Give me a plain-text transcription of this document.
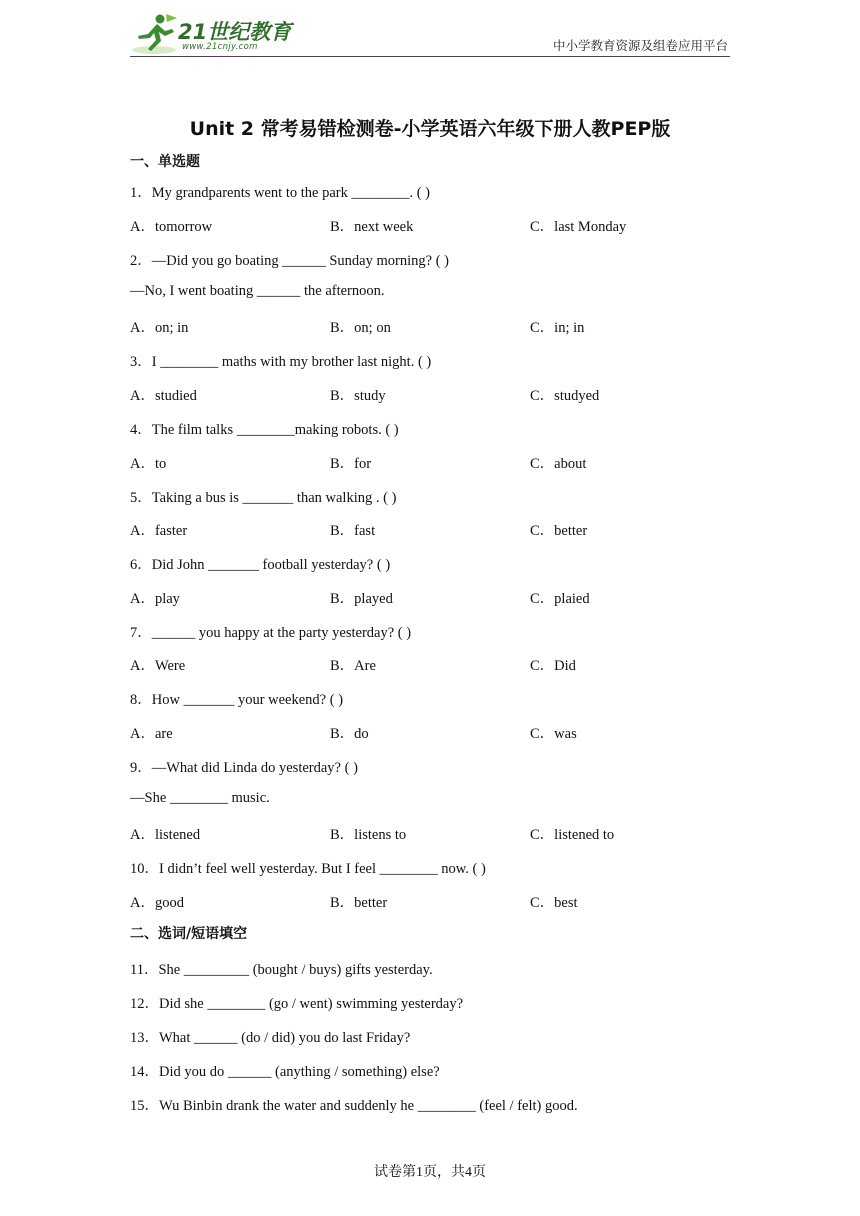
21世纪教育
www.21cnjy.com	中小学教育资源及组卷应用平台
Unit 2 常考易错检测卷-小学英语六年级下册人教PEP版
一、单选题
1．My grandparents went to the park ________. ( )
A．tomorrow	B．next week	C．last Monday
2．—Did you go boating ______ Sunday morning? ( )
—No, I went boating ______ the afternoon.
A．on; in	B．on; on	C．in; in
3．I ________ maths with my brother last night. ( )
A．studied	B．study	C．studyed
4．The film talks ________making robots. ( )
A．to	B．for	C．about
5．Taking a bus is _______ than walking . ( )
A．faster	B．fast	C．better
6．Did John _______ football yesterday? ( )
A．play	B．played	C．plaied
7．______ you happy at the party yesterday? ( )
A．Were	B．Are	C．Did
8．How _______ your weekend? ( )
A．are	B．do	C．was
9．—What did Linda do yesterday? ( )
—She ________ music.
A．listened	B．listens to	C．listened to
10．I didn’t feel well yesterday. But I feel ________ now. ( )
A．good	B．better	C．best
二、选词/短语填空
11．She _________ (bought / buys) gifts yesterday.
12．Did she ________ (go / went) swimming yesterday?
13．What ______ (do / did) you do last Friday?
14．Did you do ______ (anything / something) else?
15．Wu Binbin drank the water and suddenly he ________ (feel / felt) good.
试卷第1页，共4页
